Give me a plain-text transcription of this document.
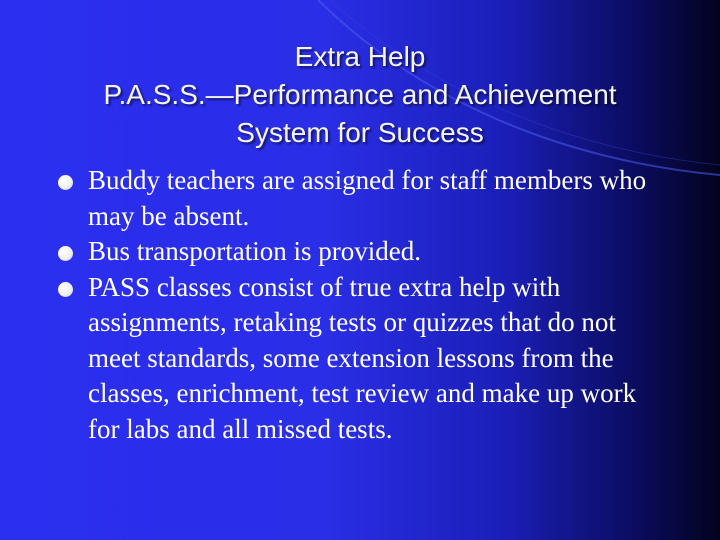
Extra Help
P.A.S.S.—Performance and Achievement
System for Success
Buddy teachers are assigned for staff members who may be absent.
Bus transportation is provided.
PASS classes consist of true extra help with assignments, retaking tests or quizzes that do not meet standards, some extension lessons from the classes, enrichment, test review and make up work for labs and all missed tests.
